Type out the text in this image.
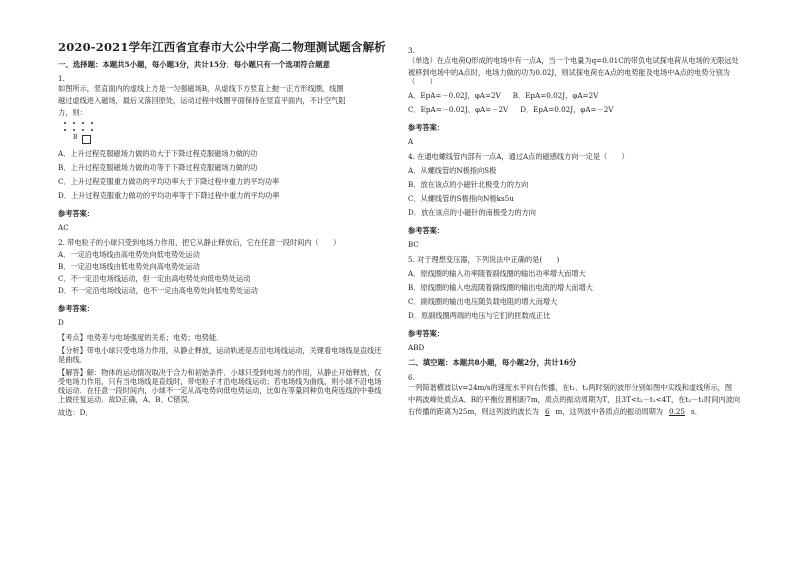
2020-2021学年江西省宜春市大公中学高二物理测试题含解析
一、选择题：本题共5小题，每小题3分，共计15分．每小题只有一个选项符合题意
1.
如图所示，竖直面内的虚线上方是一匀强磁场B，从虚线下方竖直上抛一正方形线圈，线圈
越过虚线进入磁场，最后又落回原处，运动过程中线圈平面保持在竖直平面内，不计空气阻
力，则：
B
A．上升过程克服磁场力做的功大于下降过程克服磁场力做的功
B．上升过程克服磁场力做的功等于下降过程克服磁场力做的功
C．上升过程克服重力做功的平均功率大于下降过程中重力的平均功率
D．上升过程克服重力做功的平均功率等于下降过程中重力的平均功率
参考答案：
AC
2. 带电粒子的小球只受到电场力作用，把它从静止释放后，它在任意一段时间内（　　）
A．一定沿电场线由高电势处向低电势处运动
B．一定沿电场线由低电势处向高电势处运动
C．不一定沿电场线运动，但一定由高电势处向低电势处运动
D．不一定沿电场线运动，也不一定由高电势处向低电势处运动
参考答案：
D
【考点】电势差与电场强度的关系；电势；电势能．
【分析】带电小球只受电场力作用，从静止释放，运动轨迹是否沿电场线运动，关键看电场线是直线还是曲线．
【解答】解：物体的运动情况取决于合力和初始条件．小球只受到电场力的作用，从静止开始释放，仅受电场力作用，只有当电场线是直线时，带电粒子才沿电场线运动；若电场线为曲线，则小球不沿电场线运动．在任意一段时间内，小球不一定从高电势向低电势运动，比如在等量同种负电荷连线的中垂线上做往复运动．故D正确，A、B、C错误．
故选：D．
3.
（单选）在点电荷Q形成的电场中有一点A，当一个电量为q=0.01C的带负电试探电荷从电场的无限远处
被移到电场中的A点时，电场力做的功为0.02J，则试探电荷在A点的电势能及电场中A点的电势分别为（　　）
A．EpA=－0.02J，φA=2V B．EpA=0.02J，φA=2V
C．EpA=－0.02J，φA=－2V D．EpA=0.02J，φA=－2V
参考答案：
A
4. 在通电螺线管内部有一点A，通过A点的磁感线方向一定是（　　）
A．从螺线管的N极指向S极
B．放在该点的小磁针北极受力的方向
C．从螺线管的S极指向N极ks5u
D．放在该点的小磁针的南极受力的方向
参考答案：
BC
5. 对于理想变压器，下列说法中正确的是(　　)
A．原线圈的输入功率随着副线圈的输出功率增大而增大
B．原线圈的输入电流随着副线圈的输出电流的增大而增大
C．副线圈的输出电压随负载电阻的增大而增大
D．原副线圈两端的电压与它们的匝数成正比
参考答案：
ABD
二、填空题：本题共8小题，每小题2分，共计16分
6.
一列简谐横波以v=24m/s的速度水平向右传播，在t₁、t₂两时刻的波形分别如图中实线和虚线所示，图
中两波峰处质点A、B的平衡位置相距7m，质点的振动周期为T，且3T<t₂－t₁<4T，在t₂－t₁时间内波向
右传播的距离为25m，则这列波的波长为 6 m，这列波中各质点的振动周期为 0.25 s．
